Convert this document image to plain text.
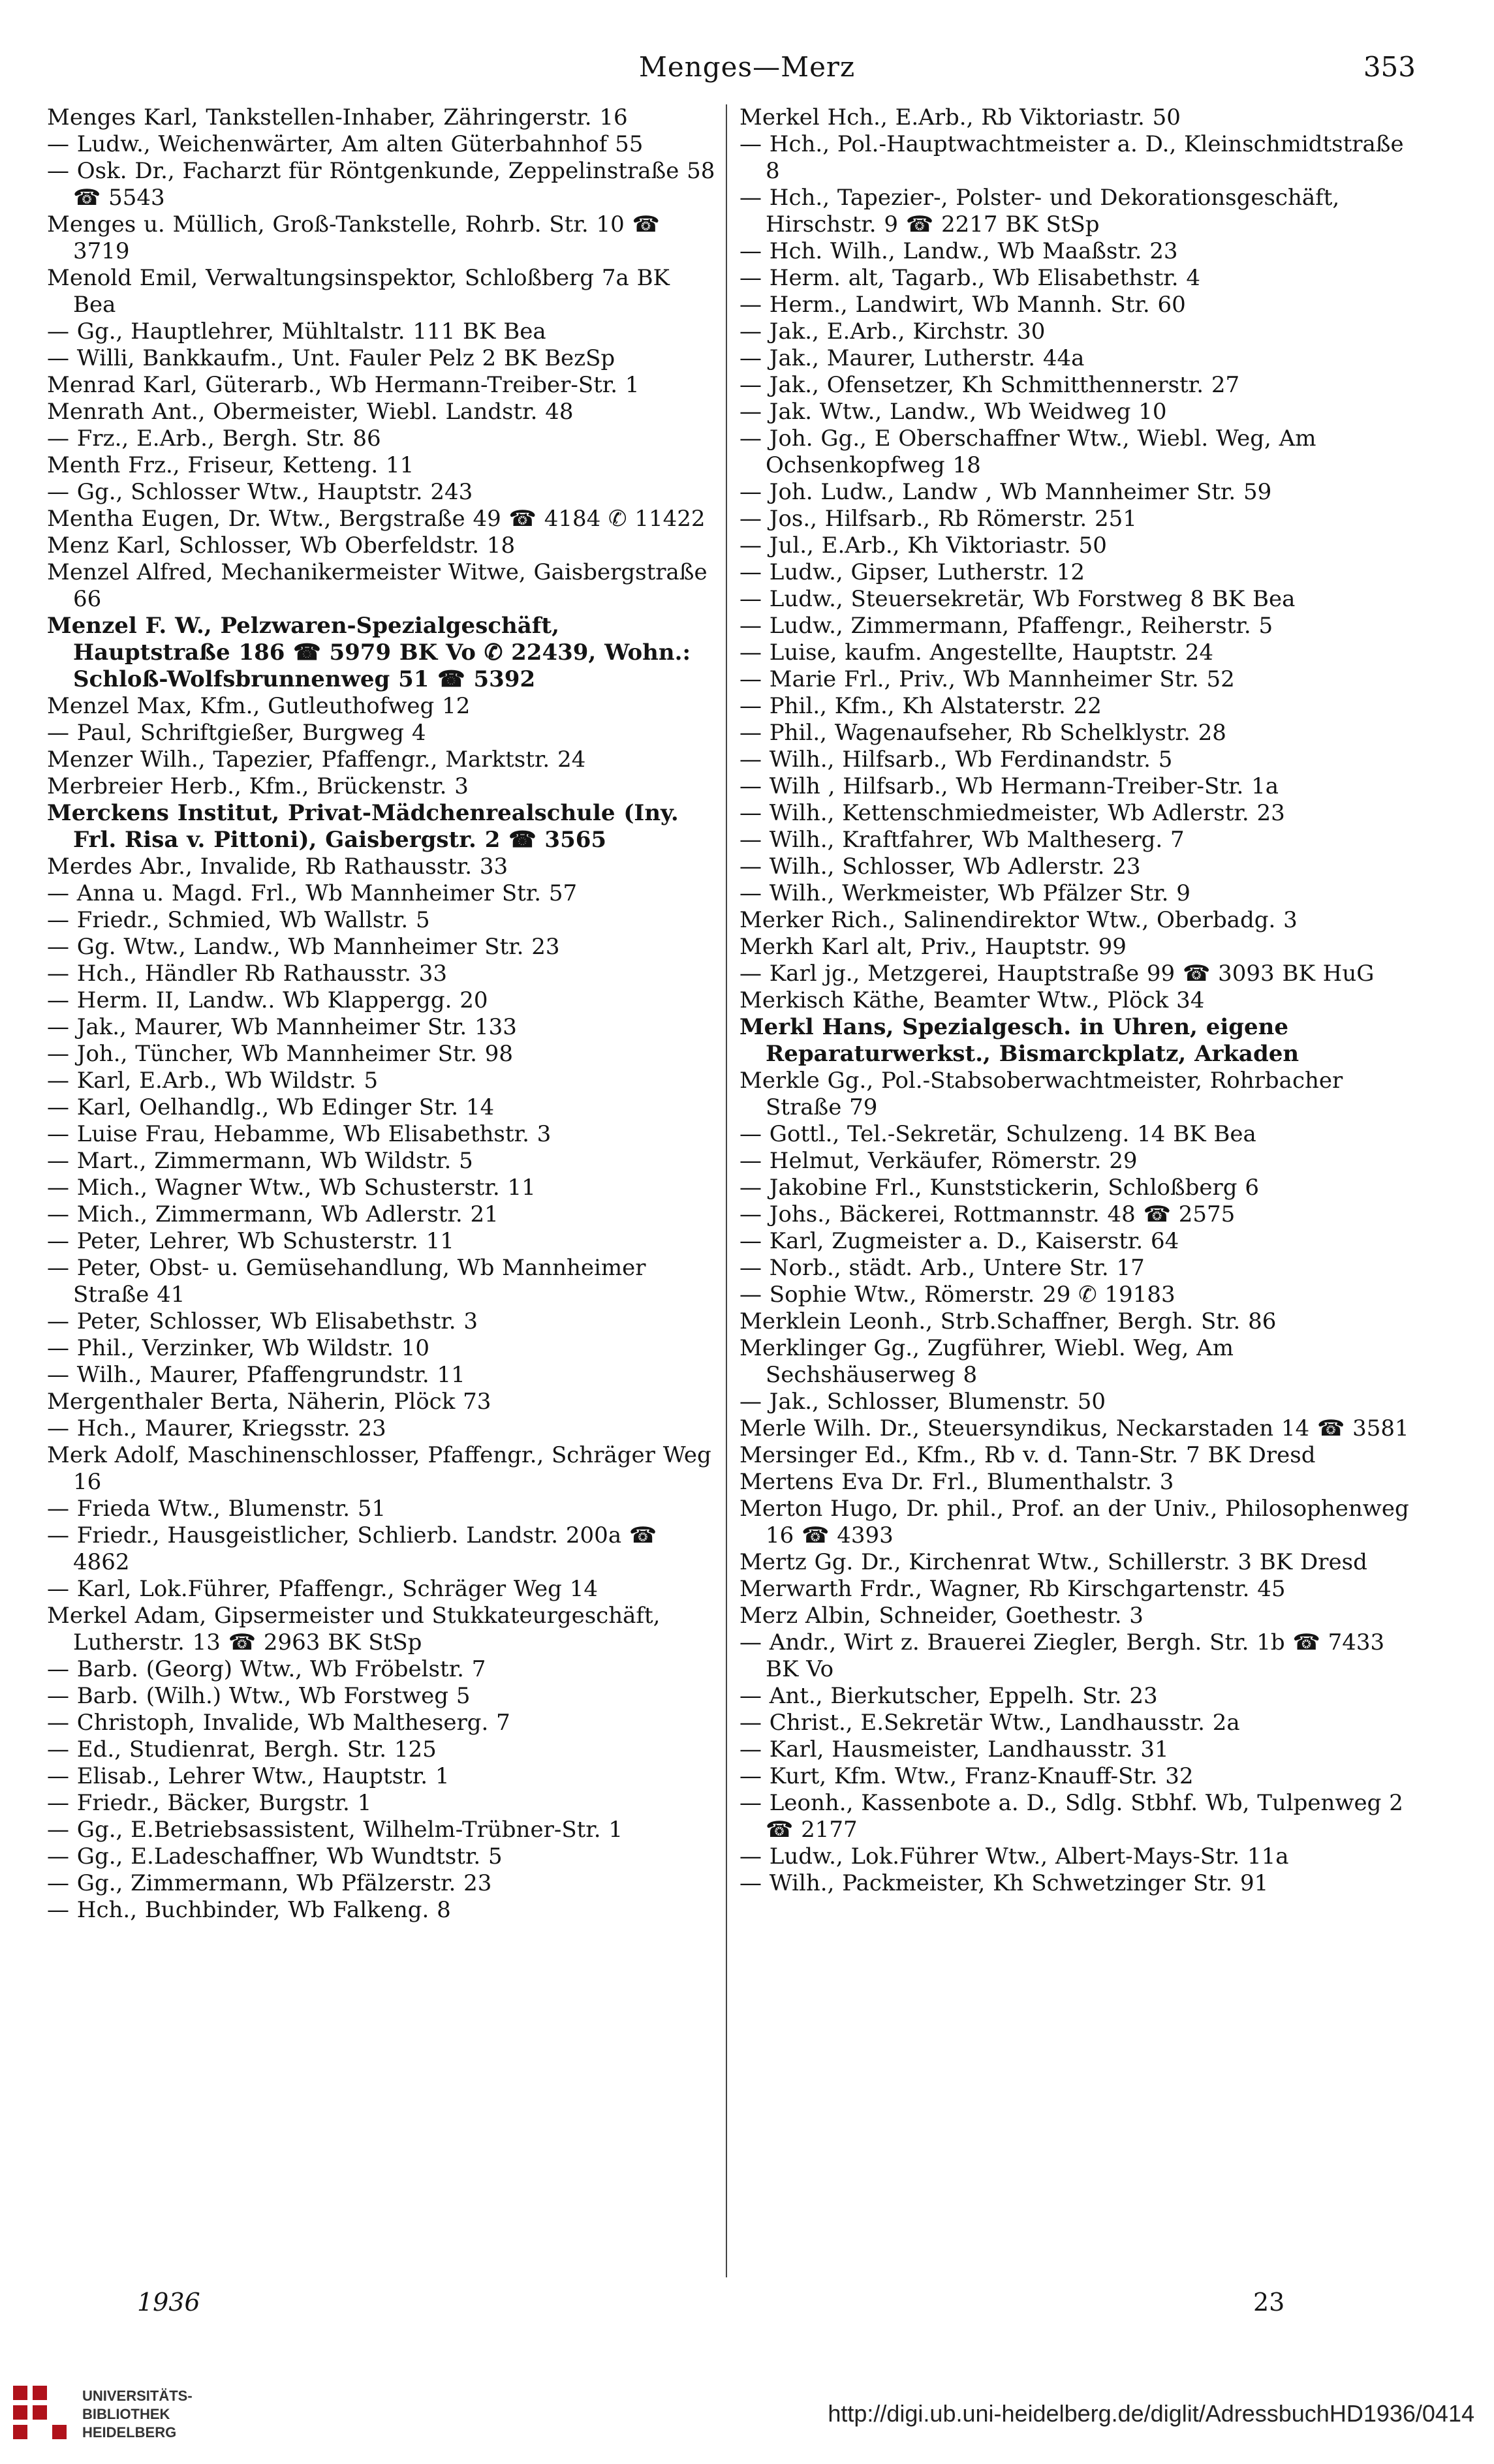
Menges—Merz	353
Menges Karl, Tankstellen-Inhaber, Zähringerstr. 16
— Ludw., Weichenwärter, Am alten Güterbahnhof 55
— Osk. Dr., Facharzt für Röntgenkunde, Zeppelinstraße 58 ☎ 5543
Menges u. Müllich, Groß-Tankstelle, Rohrb. Str. 10 ☎ 3719
Menold Emil, Verwaltungsinspektor, Schloßberg 7a BK Bea
— Gg., Hauptlehrer, Mühltalstr. 111 BK Bea
— Willi, Bankkaufm., Unt. Fauler Pelz 2 BK BezSp
Menrad Karl, Güterarb., Wb Hermann-Treiber-Str. 1
Menrath Ant., Obermeister, Wiebl. Landstr. 48
— Frz., E.Arb., Bergh. Str. 86
Menth Frz., Friseur, Ketteng. 11
— Gg., Schlosser Wtw., Hauptstr. 243
Mentha Eugen, Dr. Wtw., Bergstraße 49 ☎ 4184 ✆ 11422
Menz Karl, Schlosser, Wb Oberfeldstr. 18
Menzel Alfred, Mechanikermeister Witwe, Gaisbergstraße 66
Menzel F. W., Pelzwaren-Spezialgeschäft, Hauptstraße 186 ☎ 5979 BK Vo ✆ 22439, Wohn.: Schloß-Wolfsbrunnenweg 51 ☎ 5392
Menzel Max, Kfm., Gutleuthofweg 12
— Paul, Schriftgießer, Burgweg 4
Menzer Wilh., Tapezier, Pfaffengr., Marktstr. 24
Merbreier Herb., Kfm., Brückenstr. 3
Merckens Institut, Privat-Mädchenrealschule (Iny. Frl. Risa v. Pittoni), Gaisbergstr. 2 ☎ 3565
Merdes Abr., Invalide, Rb Rathausstr. 33
— Anna u. Magd. Frl., Wb Mannheimer Str. 57
— Friedr., Schmied, Wb Wallstr. 5
— Gg. Wtw., Landw., Wb Mannheimer Str. 23
— Hch., Händler Rb Rathausstr. 33
— Herm. II, Landw.. Wb Klappergg. 20
— Jak., Maurer, Wb Mannheimer Str. 133
— Joh., Tüncher, Wb Mannheimer Str. 98
— Karl, E.Arb., Wb Wildstr. 5
— Karl, Oelhandlg., Wb Edinger Str. 14
— Luise Frau, Hebamme, Wb Elisabethstr. 3
— Mart., Zimmermann, Wb Wildstr. 5
— Mich., Wagner Wtw., Wb Schusterstr. 11
— Mich., Zimmermann, Wb Adlerstr. 21
— Peter, Lehrer, Wb Schusterstr. 11
— Peter, Obst- u. Gemüsehandlung, Wb Mannheimer Straße 41
— Peter, Schlosser, Wb Elisabethstr. 3
— Phil., Verzinker, Wb Wildstr. 10
— Wilh., Maurer, Pfaffengrundstr. 11
Mergenthaler Berta, Näherin, Plöck 73
— Hch., Maurer, Kriegsstr. 23
Merk Adolf, Maschinenschlosser, Pfaffengr., Schräger Weg 16
— Frieda Wtw., Blumenstr. 51
— Friedr., Hausgeistlicher, Schlierb. Landstr. 200a ☎ 4862
— Karl, Lok.Führer, Pfaffengr., Schräger Weg 14
Merkel Adam, Gipsermeister und Stukkateurgeschäft, Lutherstr. 13 ☎ 2963 BK StSp
— Barb. (Georg) Wtw., Wb Fröbelstr. 7
— Barb. (Wilh.) Wtw., Wb Forstweg 5
— Christoph, Invalide, Wb Maltheserg. 7
— Ed., Studienrat, Bergh. Str. 125
— Elisab., Lehrer Wtw., Hauptstr. 1
— Friedr., Bäcker, Burgstr. 1
— Gg., E.Betriebsassistent, Wilhelm-Trübner-Str. 1
— Gg., E.Ladeschaffner, Wb Wundtstr. 5
— Gg., Zimmermann, Wb Pfälzerstr. 23
— Hch., Buchbinder, Wb Falkeng. 8
Merkel Hch., E.Arb., Rb Viktoriastr. 50
— Hch., Pol.-Hauptwachtmeister a. D., Kleinschmidtstraße 8
— Hch., Tapezier-, Polster- und Dekorationsgeschäft, Hirschstr. 9 ☎ 2217 BK StSp
— Hch. Wilh., Landw., Wb Maaßstr. 23
— Herm. alt, Tagarb., Wb Elisabethstr. 4
— Herm., Landwirt, Wb Mannh. Str. 60
— Jak., E.Arb., Kirchstr. 30
— Jak., Maurer, Lutherstr. 44a
— Jak., Ofensetzer, Kh Schmitthennerstr. 27
— Jak. Wtw., Landw., Wb Weidweg 10
— Joh. Gg., E Oberschaffner Wtw., Wiebl. Weg, Am Ochsenkopfweg 18
— Joh. Ludw., Landw , Wb Mannheimer Str. 59
— Jos., Hilfsarb., Rb Römerstr. 251
— Jul., E.Arb., Kh Viktoriastr. 50
— Ludw., Gipser, Lutherstr. 12
— Ludw., Steuersekretär, Wb Forstweg 8 BK Bea
— Ludw., Zimmermann, Pfaffengr., Reiherstr. 5
— Luise, kaufm. Angestellte, Hauptstr. 24
— Marie Frl., Priv., Wb Mannheimer Str. 52
— Phil., Kfm., Kh Alstaterstr. 22
— Phil., Wagenaufseher, Rb Schelklystr. 28
— Wilh., Hilfsarb., Wb Ferdinandstr. 5
— Wilh , Hilfsarb., Wb Hermann-Treiber-Str. 1a
— Wilh., Kettenschmiedmeister, Wb Adlerstr. 23
— Wilh., Kraftfahrer, Wb Maltheserg. 7
— Wilh., Schlosser, Wb Adlerstr. 23
— Wilh., Werkmeister, Wb Pfälzer Str. 9
Merker Rich., Salinendirektor Wtw., Oberbadg. 3
Merkh Karl alt, Priv., Hauptstr. 99
— Karl jg., Metzgerei, Hauptstraße 99 ☎ 3093 BK HuG
Merkisch Käthe, Beamter Wtw., Plöck 34
Merkl Hans, Spezialgesch. in Uhren, eigene Reparaturwerkst., Bismarckplatz, Arkaden
Merkle Gg., Pol.-Stabsoberwachtmeister, Rohrbacher Straße 79
— Gottl., Tel.-Sekretär, Schulzeng. 14 BK Bea
— Helmut, Verkäufer, Römerstr. 29
— Jakobine Frl., Kunststickerin, Schloßberg 6
— Johs., Bäckerei, Rottmannstr. 48 ☎ 2575
— Karl, Zugmeister a. D., Kaiserstr. 64
— Norb., städt. Arb., Untere Str. 17
— Sophie Wtw., Römerstr. 29 ✆ 19183
Merklein Leonh., Strb.Schaffner, Bergh. Str. 86
Merklinger Gg., Zugführer, Wiebl. Weg, Am Sechshäuserweg 8
— Jak., Schlosser, Blumenstr. 50
Merle Wilh. Dr., Steuersyndikus, Neckarstaden 14 ☎ 3581
Mersinger Ed., Kfm., Rb v. d. Tann-Str. 7 BK Dresd
Mertens Eva Dr. Frl., Blumenthalstr. 3
Merton Hugo, Dr. phil., Prof. an der Univ., Philosophenweg 16 ☎ 4393
Mertz Gg. Dr., Kirchenrat Wtw., Schillerstr. 3 BK Dresd
Merwarth Frdr., Wagner, Rb Kirschgartenstr. 45
Merz Albin, Schneider, Goethestr. 3
— Andr., Wirt z. Brauerei Ziegler, Bergh. Str. 1b ☎ 7433 BK Vo
— Ant., Bierkutscher, Eppelh. Str. 23
— Christ., E.Sekretär Wtw., Landhausstr. 2a
— Karl, Hausmeister, Landhausstr. 31
— Kurt, Kfm. Wtw., Franz-Knauff-Str. 32
— Leonh., Kassenbote a. D., Sdlg. Stbhf. Wb, Tulpenweg 2 ☎ 2177
— Ludw., Lok.Führer Wtw., Albert-Mays-Str. 11a
— Wilh., Packmeister, Kh Schwetzinger Str. 91
1936	23
UNIVERSITÄTS-
BIBLIOTHEK
HEIDELBERG
http://digi.ub.uni-heidelberg.de/diglit/AdressbuchHD1936/0414
